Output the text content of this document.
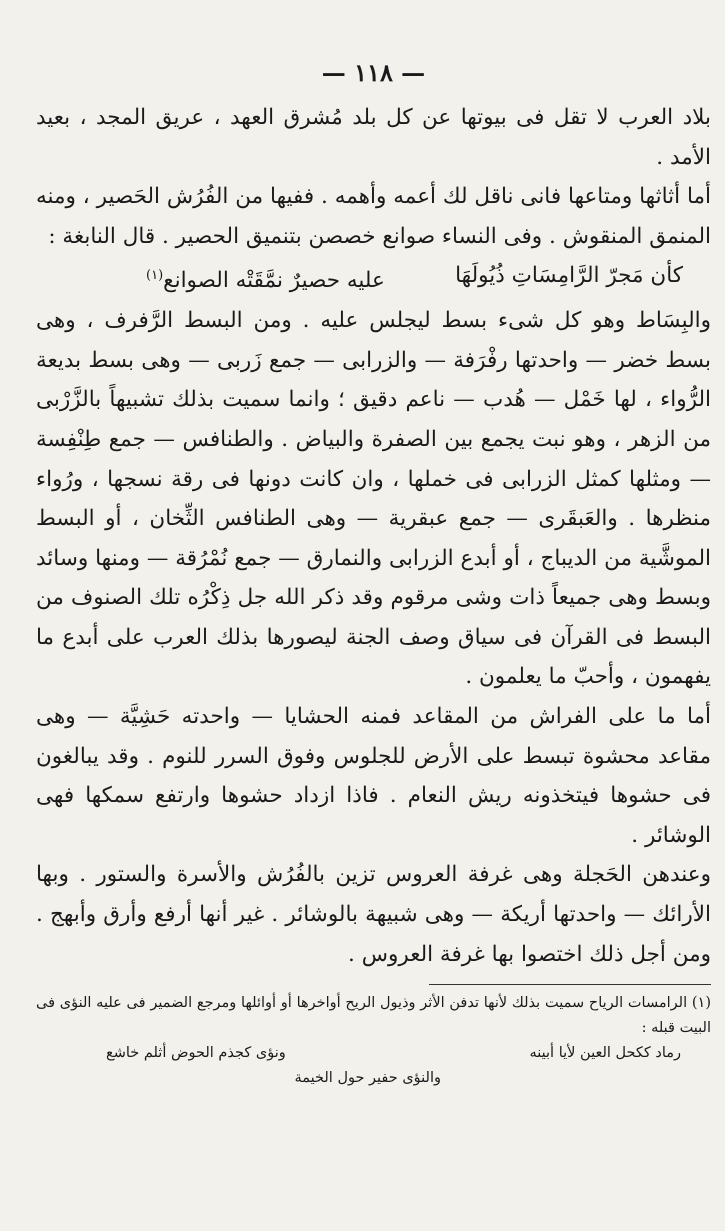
— ١١٨ —

بلاد العرب لا تقل فى بيوتها عن كل بلد مُشرق العهد ، عريق المجد ، بعيد الأمد .

أما أثاثها ومتاعها فانى ناقل لك أعمه وأهمه . ففيها من الفُرُش الحَصير ، ومنه المنمق المنقوش . وفى النساء صوانع خصصن بتنميق الحصير . قال النابغة :

كأن مَجرّ الرَّامِسَاتِ ذُيُولَهَا
عليه حصيرٌ نمَّقَتْه الصوانع$^{(١)}$

والبِسَاط وهو كل شىء بسط ليجلس عليه . ومن البسط الرَّفرف ، وهى بسط خضر — واحدتها رفْرَفة — والزرابى — جمع زَربى — وهى بسط بديعة الرُّواء ، لها خَمْل — هُدب — ناعم دقيق ؛ وانما سميت بذلك تشبيهاً بالزَّرْبى من الزهر ، وهو نبت يجمع بين الصفرة والبياض . والطنافس — جمع طِنْفِسة — ومثلها كمثل الزرابى فى خملها ، وان كانت دونها فى رقة نسجها ، ورُواء منظرها . والعَبقَرى — جمع عبقرية — وهى الطنافس الثِّخان ، أو البسط الموشَّية من الديباج ، أو أبدع الزرابى والنمارق — جمع نُمْرُقة — ومنها وسائد وبسط وهى جميعاً ذات وشى مرقوم وقد ذكر الله جل ذِكْرُه تلك الصنوف من البسط فى القرآن فى سياق وصف الجنة ليصورها بذلك العرب على أبدع ما يفهمون ، وأحبّ ما يعلمون .

أما ما على الفراش من المقاعد فمنه الحشايا — واحدته حَشِيَّة — وهى مقاعد محشوة تبسط على الأرض للجلوس وفوق السرر للنوم . وقد يبالغون فى حشوها فيتخذونه ريش النعام . فاذا ازداد حشوها وارتفع سمكها فهى الوشائر .

وعندهن الحَجلة وهى غرفة العروس تزين بالفُرُش والأسرة والستور . وبها الأرائك — واحدتها أريكة — وهى شبيهة بالوشائر . غير أنها أرفع وأرق وأبهج . ومن أجل ذلك اختصوا بها غرفة العروس .

(١) الرامسات الرياح سميت بذلك لأنها تدفن الأثر وذيول الريح أواخرها أو أوائلها ومرجع الضمير فى عليه النؤى فى البيت قبله :

رماد ككحل العين لأيا أبينه
ونؤى كجذم الحوض أثلم خاشع
والنؤى حفير حول الخيمة
